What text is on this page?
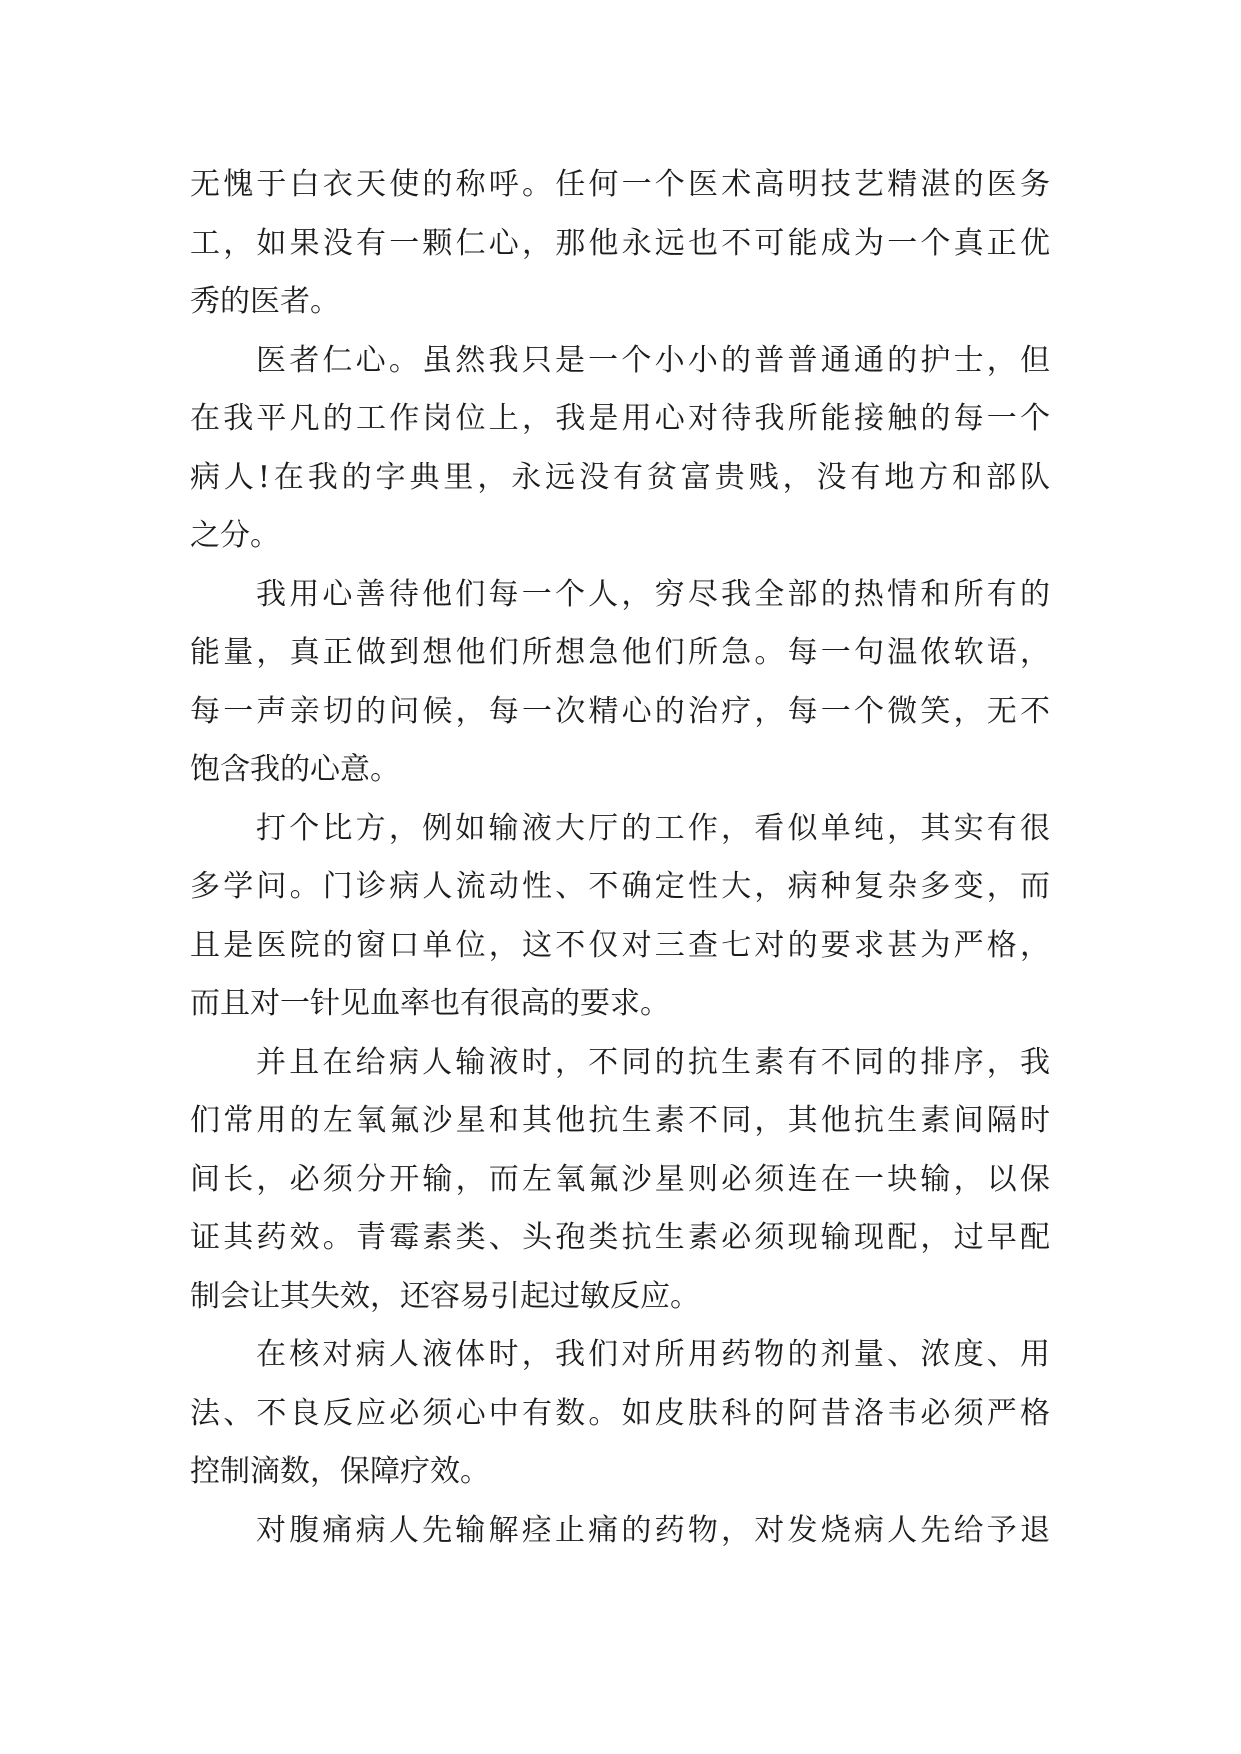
无愧于白衣天使的称呼。任何一个医术高明技艺精湛的医务
工，如果没有一颗仁心，那他永远也不可能成为一个真正优
秀的医者。

医者仁心。虽然我只是一个小小的普普通通的护士，但
在我平凡的工作岗位上，我是用心对待我所能接触的每一个
病人!在我的字典里，永远没有贫富贵贱，没有地方和部队
之分。

我用心善待他们每一个人，穷尽我全部的热情和所有的
能量，真正做到想他们所想急他们所急。每一句温侬软语，
每一声亲切的问候，每一次精心的治疗，每一个微笑，无不
饱含我的心意。

打个比方，例如输液大厅的工作，看似单纯，其实有很
多学问。门诊病人流动性、不确定性大，病种复杂多变，而
且是医院的窗口单位，这不仅对三查七对的要求甚为严格，
而且对一针见血率也有很高的要求。

并且在给病人输液时，不同的抗生素有不同的排序，我
们常用的左氧氟沙星和其他抗生素不同，其他抗生素间隔时
间长，必须分开输，而左氧氟沙星则必须连在一块输，以保
证其药效。青霉素类、头孢类抗生素必须现输现配，过早配
制会让其失效，还容易引起过敏反应。

在核对病人液体时，我们对所用药物的剂量、浓度、用
法、不良反应必须心中有数。如皮肤科的阿昔洛韦必须严格
控制滴数，保障疗效。

对腹痛病人先输解痉止痛的药物，对发烧病人先给予退
